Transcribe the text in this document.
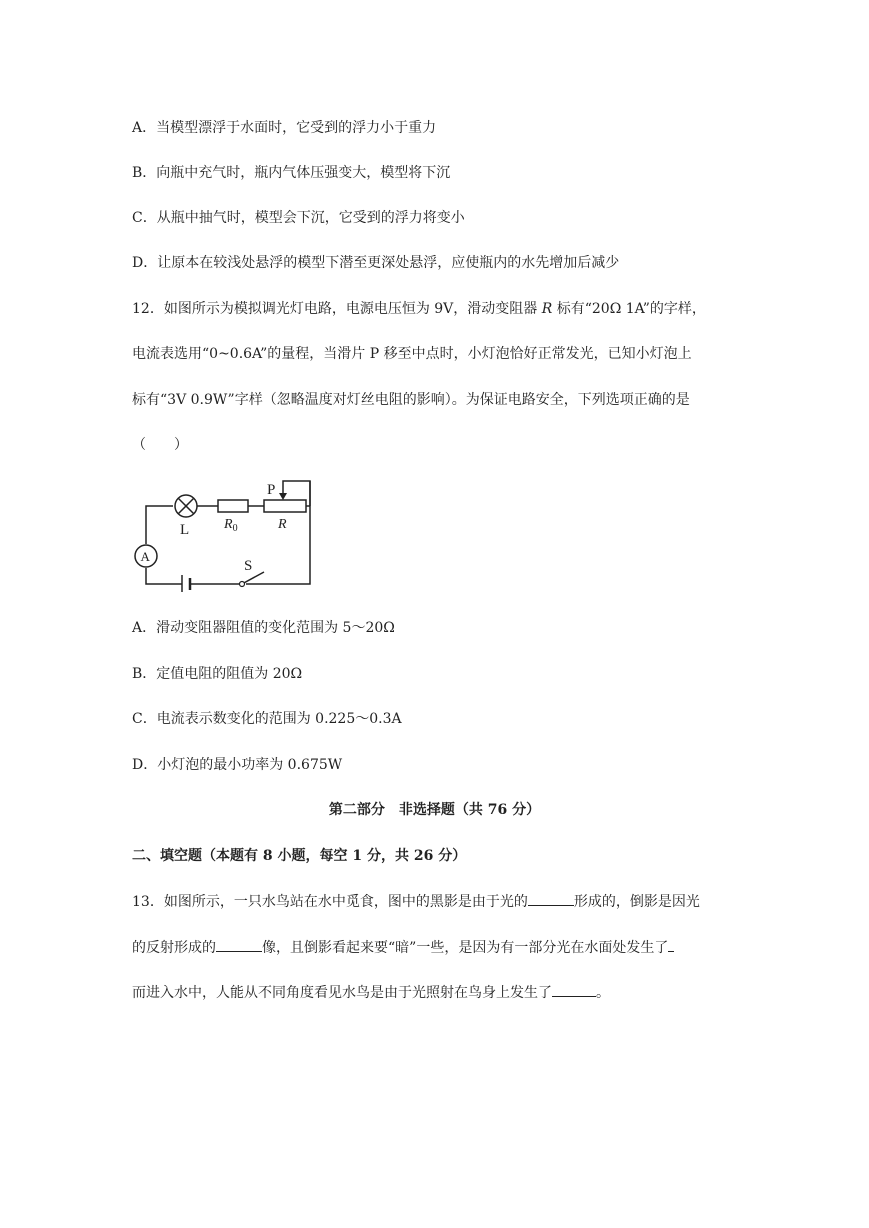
A．当模型漂浮于水面时，它受到的浮力小于重力
B．向瓶中充气时，瓶内气体压强变大，模型将下沉
C．从瓶中抽气时，模型会下沉，它受到的浮力将变小
D．让原本在较浅处悬浮的模型下潜至更深处悬浮，应使瓶内的水先增加后减少
12．如图所示为模拟调光灯电路，电源电压恒为 9V，滑动变阻器 R 标有“20Ω 1A”的字样，
电流表选用“0~0.6A”的量程，当滑片 P 移至中点时，小灯泡恰好正常发光，已知小灯泡上
标有“3V 0.9W”字样（忽略温度对灯丝电阻的影响）。为保证电路安全，下列选项正确的是
（　　）
P
L $R_0$	R
A
S
A．滑动变阻器阻值的变化范围为 5～20Ω
B．定值电阻的阻值为 20Ω
C．电流表示数变化的范围为 0.225～0.3A
D．小灯泡的最小功率为 0.675W
第二部分　非选择题（共 76 分）
二、填空题（本题有 8 小题，每空 1 分，共 26 分）
13．如图所示，一只水鸟站在水中觅食，图中的黑影是由于光的	形成的，倒影是因光
的反射形成的	像，且倒影看起来要“暗”一些，是因为有一部分光在水面处发生了
而进入水中，人能从不同角度看见水鸟是由于光照射在鸟身上发生了	。
